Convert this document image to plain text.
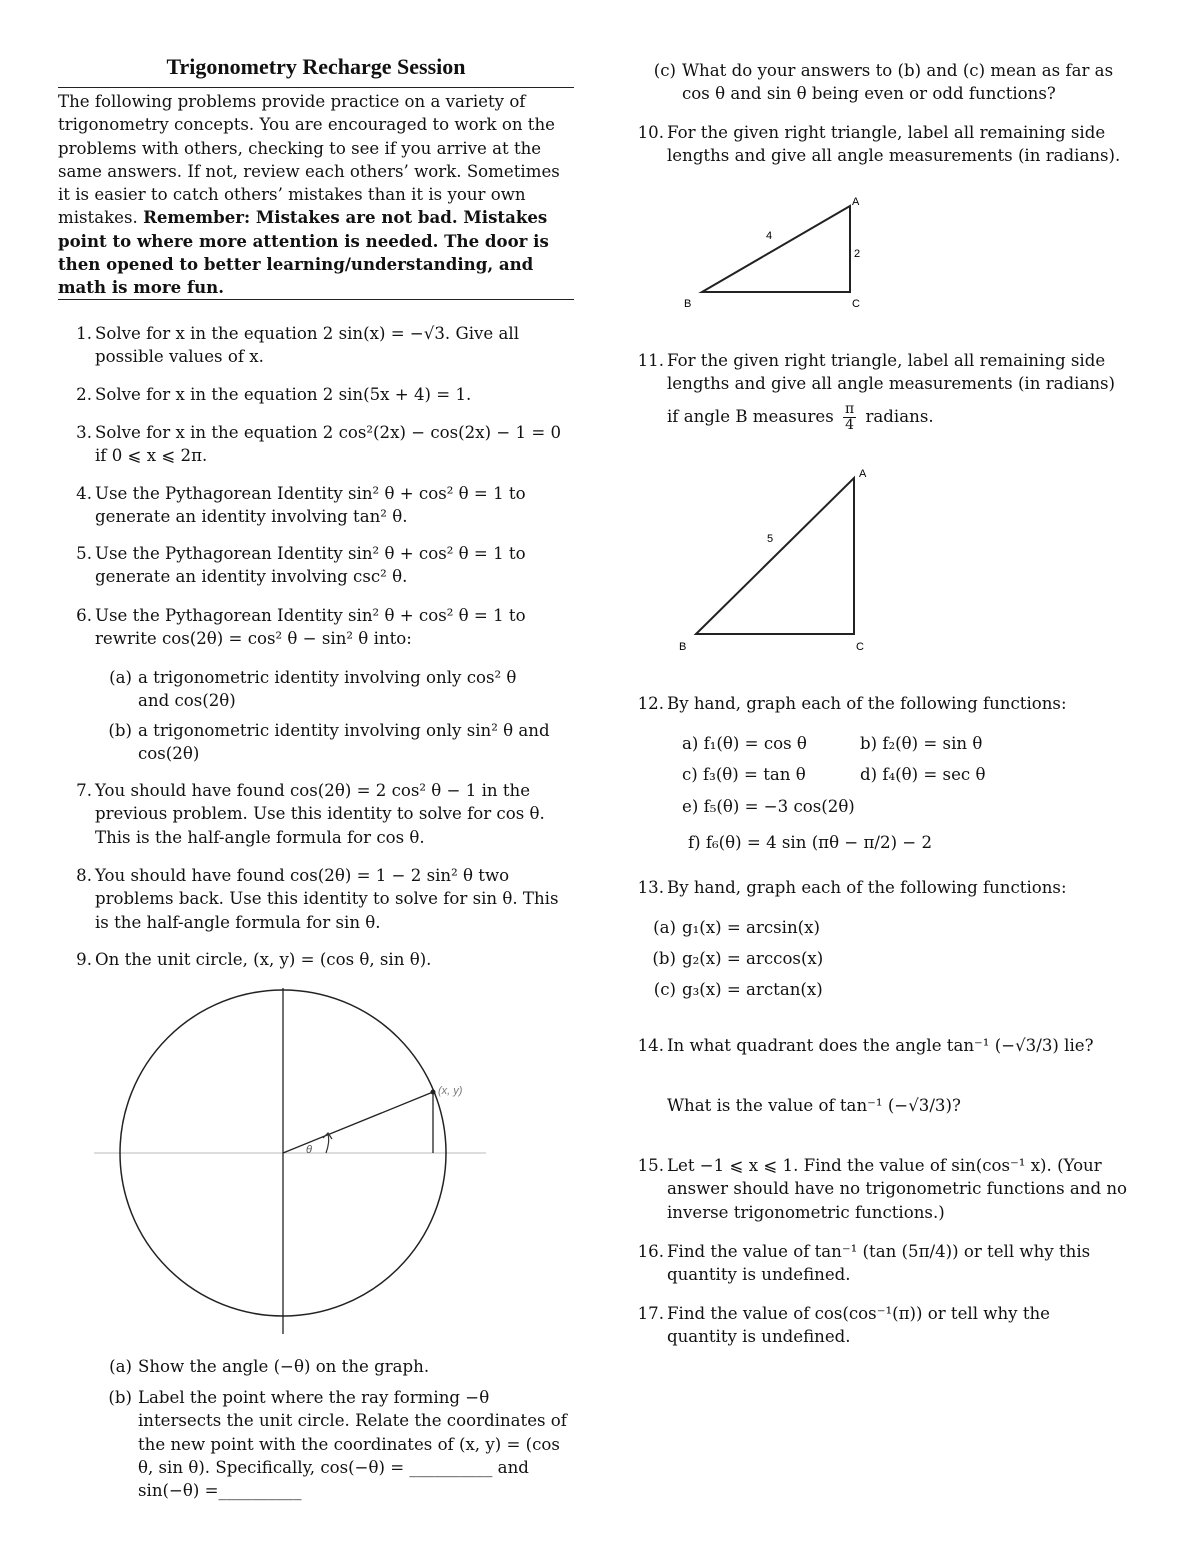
Trigonometry Recharge Session
The following problems provide practice on a variety of trigonometry concepts. You are encouraged to work on the problems with others, checking to see if you arrive at the same answers. If not, review each others’ work. Sometimes it is easier to catch others’ mistakes than it is your own mistakes. Remember: Mistakes are not bad. Mistakes point to where more attention is needed. The door is then opened to better learning/understanding, and math is more fun.
1. Solve for x in the equation 2 sin(x) = −√3. Give all possible values of x.
2. Solve for x in the equation 2 sin(5x + 4) = 1.
3. Solve for x in the equation 2 cos²(2x) − cos(2x) − 1 = 0 if 0 ⩽ x ⩽ 2π.
4. Use the Pythagorean Identity sin² θ + cos² θ = 1 to generate an identity involving tan² θ.
5. Use the Pythagorean Identity sin² θ + cos² θ = 1 to generate an identity involving csc² θ.
6. Use the Pythagorean Identity sin² θ + cos² θ = 1 to rewrite cos(2θ) = cos² θ − sin² θ into:
(a) a trigonometric identity involving only cos² θ and cos(2θ)
(b) a trigonometric identity involving only sin² θ and cos(2θ)
7. You should have found cos(2θ) = 2 cos² θ − 1 in the previous problem. Use this identity to solve for cos θ. This is the half-angle formula for cos θ.
8. You should have found cos(2θ) = 1 − 2 sin² θ two problems back. Use this identity to solve for sin θ. This is the half-angle formula for sin θ.
9. On the unit circle, (x, y) = (cos θ, sin θ).
θ
(x, y)
(a) Show the angle (−θ) on the graph.
(b) Label the point where the ray forming −θ intersects the unit circle. Relate the coordinates of the new point with the coordinates of (x, y) = (cos θ, sin θ). Specifically, cos(−θ) = __________ and sin(−θ) =__________
(c) What do your answers to (b) and (c) mean as far as cos θ and sin θ being even or odd functions?
10. For the given right triangle, label all remaining side lengths and give all angle measurements (in radians).
A
B	C
4
2
11. For the given right triangle, label all remaining side lengths and give all angle measurements (in radians)
if angle B measures $\frac{\pi}{4}$ radians.
A
B	C
5
12. By hand, graph each of the following functions:
a) f₁(θ) = cos θ	b) f₂(θ) = sin θ
c) f₃(θ) = tan θ	d) f₄(θ) = sec θ
e) f₅(θ) = −3 cos(2θ)
f) f₆(θ) = 4 sin (πθ − π/2) − 2
13. By hand, graph each of the following functions:
(a) g₁(x) = arcsin(x)
(b) g₂(x) = arccos(x)
(c) g₃(x) = arctan(x)
14. In what quadrant does the angle tan⁻¹ (−√3/3) lie?
What is the value of tan⁻¹ (−√3/3)?
15. Let −1 ⩽ x ⩽ 1. Find the value of sin(cos⁻¹ x). (Your answer should have no trigonometric functions and no inverse trigonometric functions.)
16. Find the value of tan⁻¹ (tan (5π/4)) or tell why this quantity is undefined.
17. Find the value of cos(cos⁻¹(π)) or tell why the quantity is undefined.
